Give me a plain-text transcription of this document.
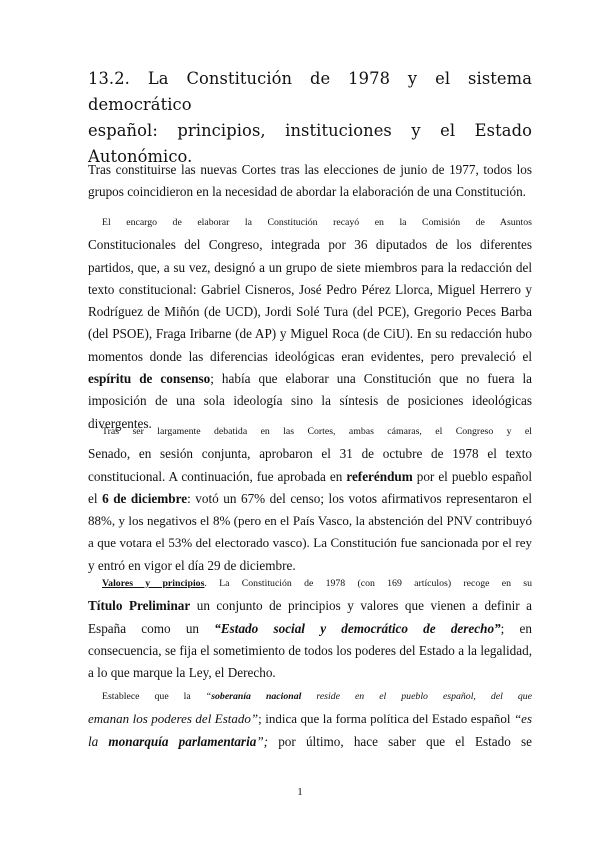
13.2. La Constitución de 1978 y el sistema democrático
español: principios, instituciones y el Estado
Autonómico.
Tras constituirse las nuevas Cortes tras las elecciones de junio de 1977, todos los
grupos coincidieron en la necesidad de abordar la elaboración de una Constitución.
El encargo de elaborar la Constitución recayó en la Comisión de Asuntos
Constitucionales del Congreso, integrada por 36 diputados de los diferentes
partidos, que, a su vez, designó a un grupo de siete miembros para la redacción del
texto constitucional: Gabriel Cisneros, José Pedro Pérez Llorca, Miguel Herrero y
Rodríguez de Miñón (de UCD), Jordi Solé Tura (del PCE), Gregorio Peces Barba
(del PSOE), Fraga Iribarne (de AP) y Miguel Roca (de CiU). En su redacción hubo
momentos donde las diferencias ideológicas eran evidentes, pero prevaleció el
espíritu de consenso; había que elaborar una Constitución que no fuera la
imposición de una sola ideología sino la síntesis de posiciones ideológicas
divergentes.
Tras ser largamente debatida en las Cortes, ambas cámaras, el Congreso y el
Senado, en sesión conjunta, aprobaron el 31 de octubre de 1978 el texto
constitucional. A continuación, fue aprobada en referéndum por el pueblo español
el 6 de diciembre: votó un 67% del censo; los votos afirmativos representaron el
88%, y los negativos el 8% (pero en el País Vasco, la abstención del PNV contribuyó
a que votara el 53% del electorado vasco). La Constitución fue sancionada por el rey
y entró en vigor el día 29 de diciembre.
Valores y principios. La Constitución de 1978 (con 169 artículos) recoge en su
Título Preliminar un conjunto de principios y valores que vienen a definir a
España como un “Estado social y democrático de derecho”; en
consecuencia, se fija el sometimiento de todos los poderes del Estado a la legalidad,
a lo que marque la Ley, el Derecho.
Establece que la “soberanía nacional reside en el pueblo español, del que
emanan los poderes del Estado”; indica que la forma política del Estado español “es
la monarquía parlamentaria”; por último, hace saber que el Estado se
1
